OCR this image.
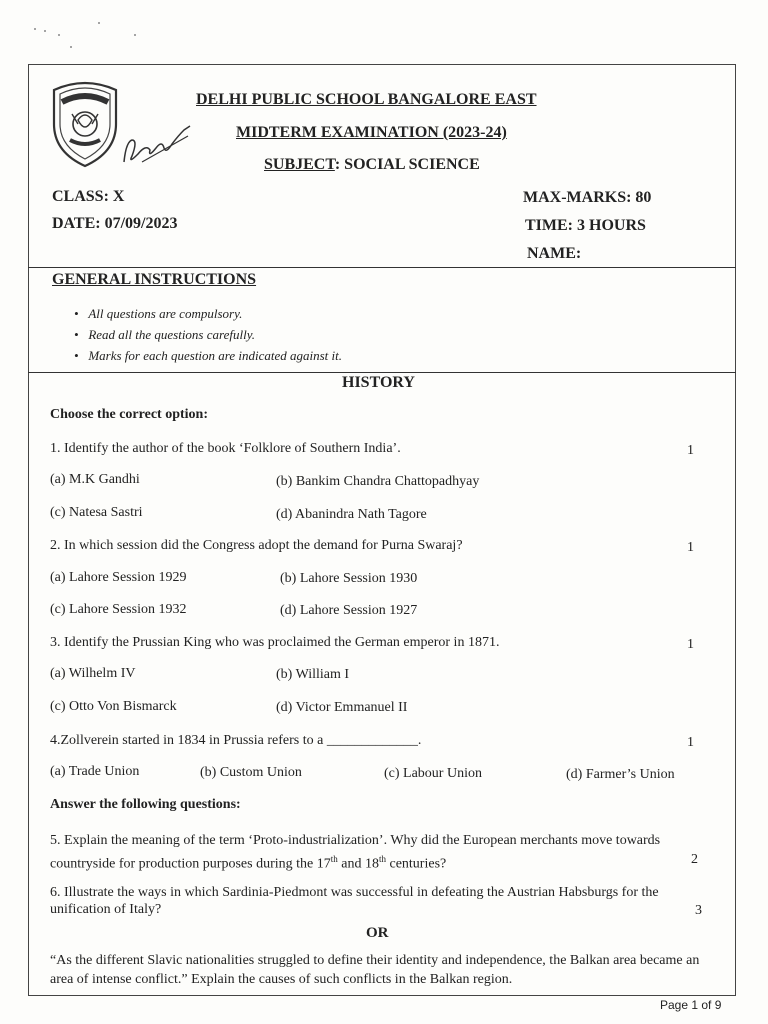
DELHI PUBLIC SCHOOL BANGALORE EAST
MIDTERM EXAMINATION (2023-24)
SUBJECT: SOCIAL SCIENCE
CLASS: X
DATE: 07/09/2023
MAX-MARKS: 80
TIME: 3 HOURS
NAME:
GENERAL INSTRUCTIONS
•   All questions are compulsory.
•   Read all the questions carefully.
•   Marks for each question are indicated against it.
HISTORY
Choose the correct option:
1. Identify the author of the book ‘Folklore of Southern India’.	1
(a) M.K Gandhi	(b) Bankim Chandra Chattopadhyay
(c) Natesa Sastri	(d) Abanindra Nath Tagore
2. In which session did the Congress adopt the demand for Purna Swaraj?	1
(a) Lahore Session 1929	(b) Lahore Session 1930
(c) Lahore Session 1932	(d) Lahore Session 1927
3. Identify the Prussian King who was proclaimed the German emperor in 1871.	1
(a) Wilhelm IV	(b) William I
(c) Otto Von Bismarck	(d) Victor Emmanuel II
4.Zollverein started in 1834 in Prussia refers to a _____________.	1
(a) Trade Union	(b) Custom Union	(c) Labour Union	(d) Farmer’s Union
Answer the following questions:
5. Explain the meaning of the term ‘Proto-industrialization’. Why did the European merchants move towards countryside for production purposes during the 17th and 18th centuries?	2
6. Illustrate the ways in which Sardinia-Piedmont was successful in defeating the Austrian Habsburgs for the unification of Italy?	3
OR
“As the different Slavic nationalities struggled to define their identity and independence, the Balkan area became an area of intense conflict.” Explain the causes of such conflicts in the Balkan region.
Page 1 of 9
